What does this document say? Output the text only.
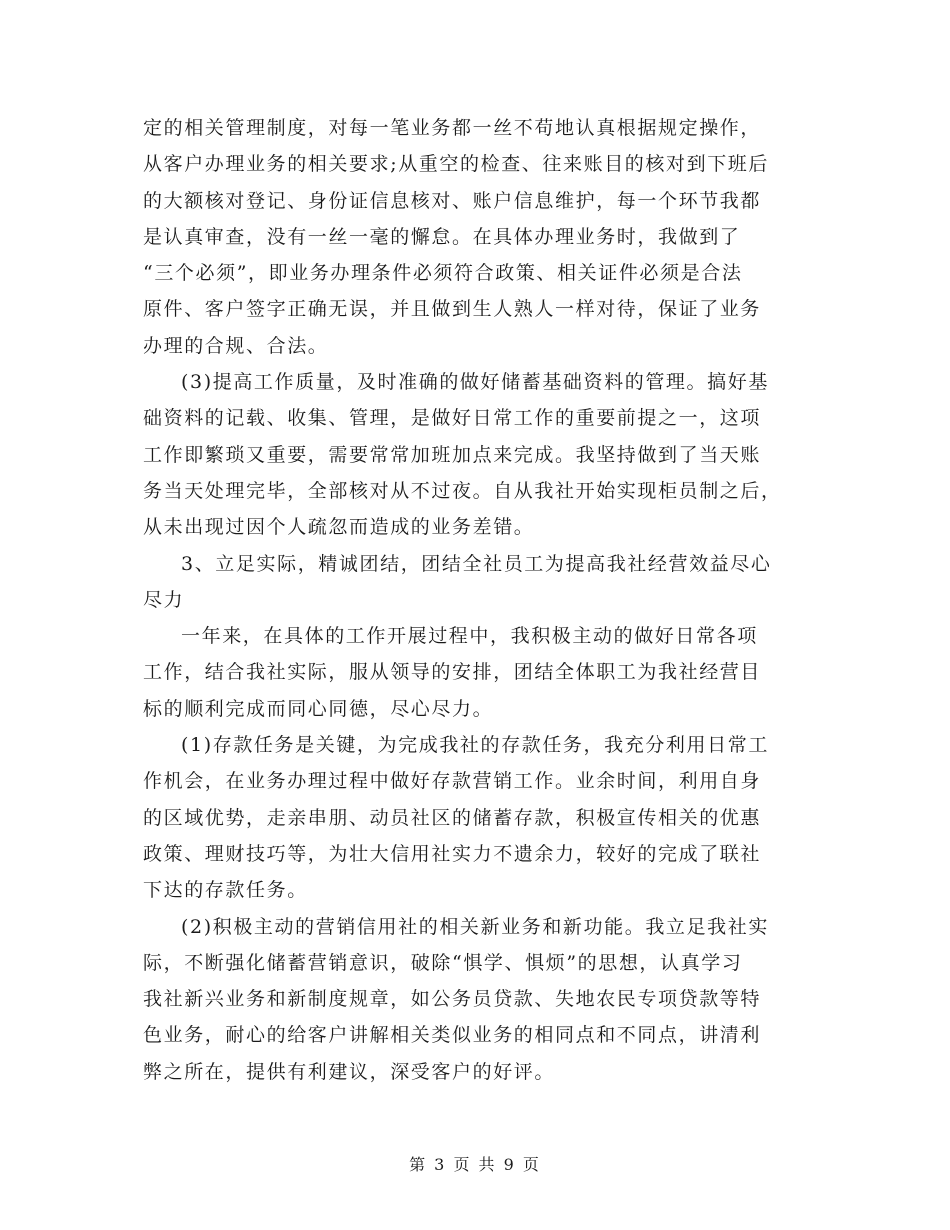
定的相关管理制度，对每一笔业务都一丝不苟地认真根据规定操作，
从客户办理业务的相关要求;从重空的检查、往来账目的核对到下班后
的大额核对登记、身份证信息核对、账户信息维护，每一个环节我都
是认真审查，没有一丝一毫的懈怠。在具体办理业务时，我做到了
“三个必须”，即业务办理条件必须符合政策、相关证件必须是合法
原件、客户签字正确无误，并且做到生人熟人一样对待，保证了业务
办理的合规、合法。
(3)提高工作质量，及时准确的做好储蓄基础资料的管理。搞好基
础资料的记载、收集、管理，是做好日常工作的重要前提之一，这项
工作即繁琐又重要，需要常常加班加点来完成。我坚持做到了当天账
务当天处理完毕，全部核对从不过夜。自从我社开始实现柜员制之后，
从未出现过因个人疏忽而造成的业务差错。
3、立足实际，精诚团结，团结全社员工为提高我社经营效益尽心
尽力
一年来，在具体的工作开展过程中，我积极主动的做好日常各项
工作，结合我社实际，服从领导的安排，团结全体职工为我社经营目
标的顺利完成而同心同德，尽心尽力。
(1)存款任务是关键，为完成我社的存款任务，我充分利用日常工
作机会，在业务办理过程中做好存款营销工作。业余时间，利用自身
的区域优势，走亲串朋、动员社区的储蓄存款，积极宣传相关的优惠
政策、理财技巧等，为壮大信用社实力不遗余力，较好的完成了联社
下达的存款任务。
(2)积极主动的营销信用社的相关新业务和新功能。我立足我社实
际，不断强化储蓄营销意识，破除“惧学、惧烦”的思想，认真学习
我社新兴业务和新制度规章，如公务员贷款、失地农民专项贷款等特
色业务，耐心的给客户讲解相关类似业务的相同点和不同点，讲清利
弊之所在，提供有利建议，深受客户的好评。
第 3 页 共 9 页
